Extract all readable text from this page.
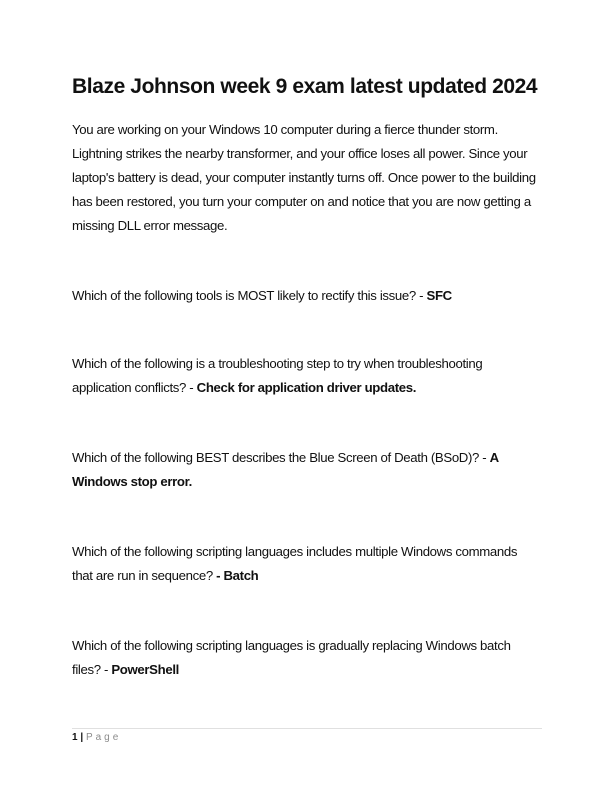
Blaze Johnson week 9 exam latest updated 2024

You are working on your Windows 10 computer during a fierce thunder storm. Lightning strikes the nearby transformer, and your office loses all power. Since your laptop's battery is dead, your computer instantly turns off. Once power to the building has been restored, you turn your computer on and notice that you are now getting a missing DLL error message.

Which of the following tools is MOST likely to rectify this issue? - SFC

Which of the following is a troubleshooting step to try when troubleshooting application conflicts? - Check for application driver updates.

Which of the following BEST describes the Blue Screen of Death (BSoD)? - A Windows stop error.

Which of the following scripting languages includes multiple Windows commands that are run in sequence? - Batch

Which of the following scripting languages is gradually replacing Windows batch files? - PowerShell

1 | Page
